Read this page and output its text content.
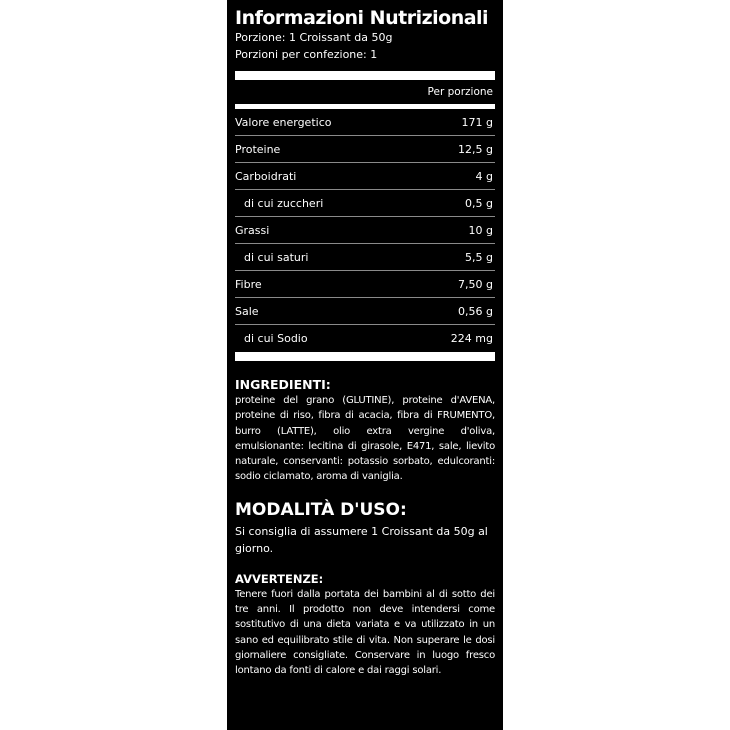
Informazioni Nutrizionali
Porzione: 1 Croissant da 50g
Porzioni per confezione: 1
Per porzione
Valore energetico	171 g
Proteine	12,5 g
Carboidrati	4 g
di cui zuccheri	0,5 g
Grassi	10 g
di cui saturi	5,5 g
Fibre	7,50 g
Sale	0,56 g
di cui Sodio	224 mg
INGREDIENTI:
proteine del grano (GLUTINE), proteine d'AVENA, proteine di riso, fibra di acacia, fibra di FRUMENTO, burro (LATTE), olio extra vergine d'oliva, emulsionante: lecitina di girasole, E471, sale, lievito naturale, conservanti: potassio sorbato, edulcoranti: sodio ciclamato, aroma di vaniglia.
MODALITÀ D'USO:
Si consiglia di assumere 1 Croissant da 50g al giorno.
AVVERTENZE:
Tenere fuori dalla portata dei bambini al di sotto dei tre anni. Il prodotto non deve intendersi come sostitutivo di una dieta variata e va utilizzato in un sano ed equilibrato stile di vita. Non superare le dosi giornaliere consigliate. Conservare in luogo fresco lontano da fonti di calore e dai raggi solari.
